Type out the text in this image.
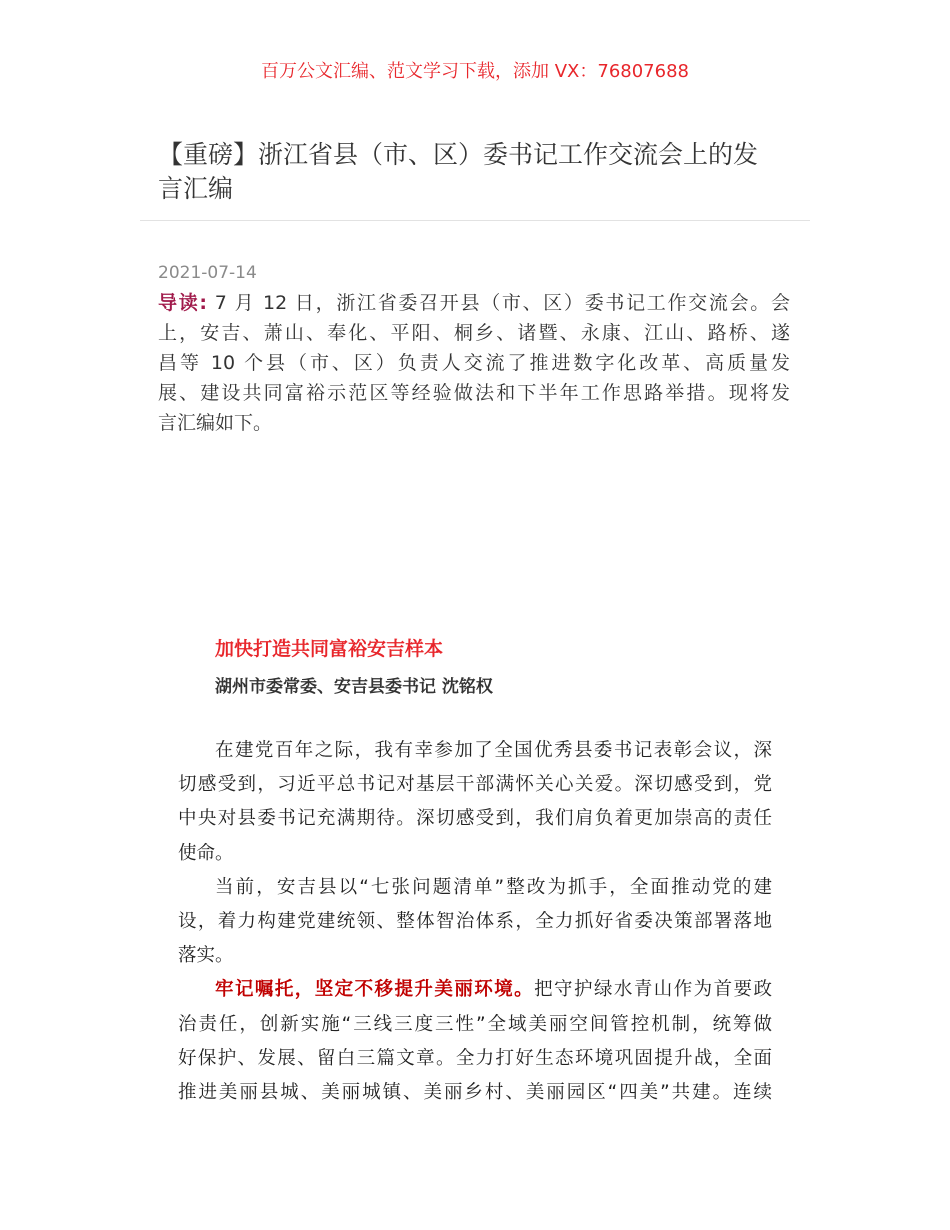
百万公文汇编、范文学习下载，添加 VX：76807688
【重磅】浙江省县（市、区）委书记工作交流会上的发
言汇编
2021-07-14
导读: 7 月 12 日，浙江省委召开县（市、区）委书记工作交流会。会
上，安吉、萧山、奉化、平阳、桐乡、诸暨、永康、江山、路桥、遂
昌等 10 个县（市、区）负责人交流了推进数字化改革、高质量发
展、建设共同富裕示范区等经验做法和下半年工作思路举措。现将发
言汇编如下。
加快打造共同富裕安吉样本
湖州市委常委、安吉县委书记 沈铭权
在建党百年之际，我有幸参加了全国优秀县委书记表彰会议，深
切感受到，习近平总书记对基层干部满怀关心关爱。深切感受到，党
中央对县委书记充满期待。深切感受到，我们肩负着更加崇高的责任
使命。
当前，安吉县以“七张问题清单”整改为抓手，全面推动党的建
设，着力构建党建统领、整体智治体系，全力抓好省委决策部署落地
落实。
牢记嘱托，坚定不移提升美丽环境。把守护绿水青山作为首要政
治责任，创新实施“三线三度三性”全域美丽空间管控机制，统筹做
好保护、发展、留白三篇文章。全力打好生态环境巩固提升战，全面
推进美丽县城、美丽城镇、美丽乡村、美丽园区“四美”共建。连续
